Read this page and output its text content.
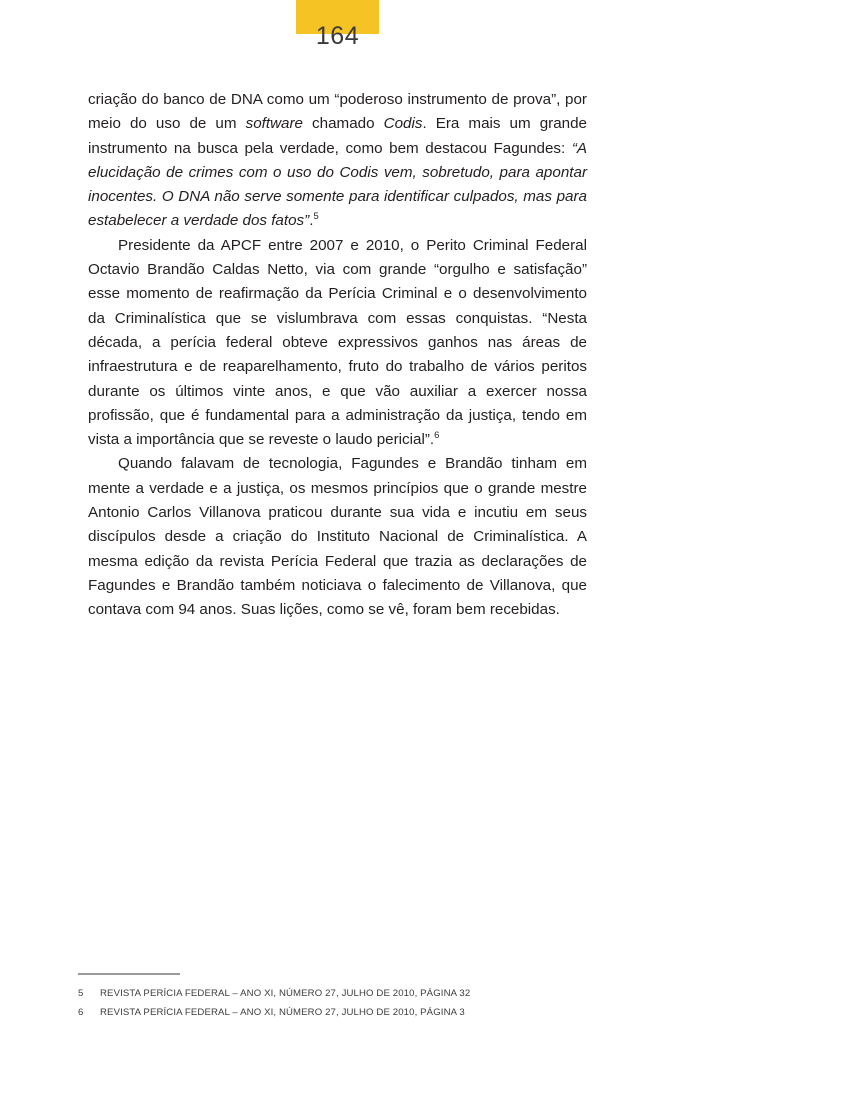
164

criação do banco de DNA como um “poderoso instrumento de prova”, por meio do uso de um software chamado Codis. Era mais um grande instrumento na busca pela verdade, como bem destacou Fagundes: “A elucidação de crimes com o uso do Codis vem, sobretudo, para apontar inocentes. O DNA não serve somente para identificar culpados, mas para estabelecer a verdade dos fatos”.$^5$

Presidente da APCF entre 2007 e 2010, o Perito Criminal Federal Octavio Brandão Caldas Netto, via com grande “orgulho e satisfação” esse momento de reafirmação da Perícia Criminal e o desenvolvimento da Criminalística que se vislumbrava com essas conquistas. “Nesta década, a perícia federal obteve expressivos ganhos nas áreas de infraestrutura e de reaparelhamento, fruto do trabalho de vários peritos durante os últimos vinte anos, e que vão auxiliar a exercer nossa profissão, que é fundamental para a administração da justiça, tendo em vista a importância que se reveste o laudo pericial”.$^6$

Quando falavam de tecnologia, Fagundes e Brandão tinham em mente a verdade e a justiça, os mesmos princípios que o grande mestre Antonio Carlos Villanova praticou durante sua vida e incutiu em seus discípulos desde a criação do Instituto Nacional de Criminalística. A mesma edição da revista Perícia Federal que trazia as declarações de Fagundes e Brandão também noticiava o falecimento de Villanova, que contava com 94 anos. Suas lições, como se vê, foram bem recebidas.

5	REVISTA PERÍCIA FEDERAL – ANO XI, NÚMERO 27, JULHO DE 2010, PÁGINA 32
6	REVISTA PERÍCIA FEDERAL – ANO XI, NÚMERO 27, JULHO DE 2010, PÁGINA 3
